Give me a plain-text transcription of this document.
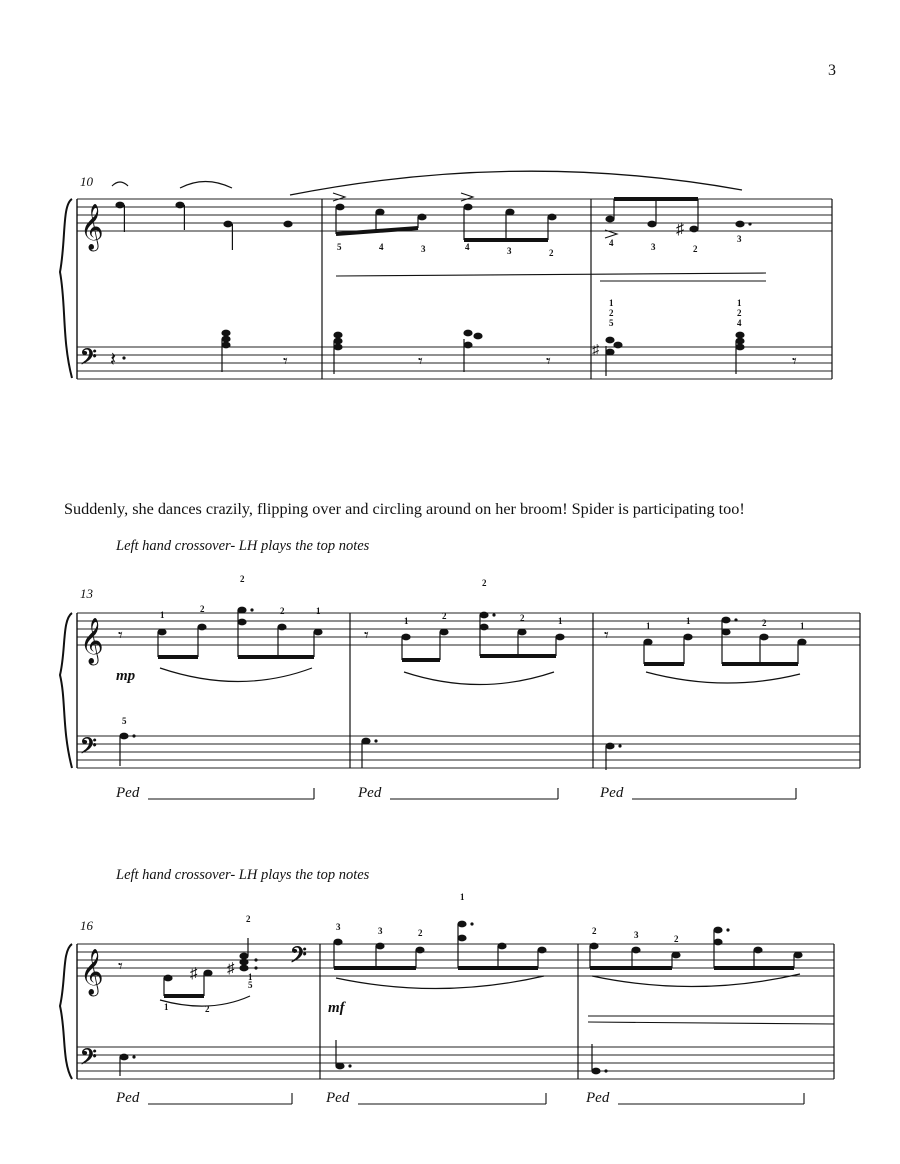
3
Suddenly, she dances crazily, flipping over and circling around on her broom! Spider is participating too!
Left hand crossover- LH plays the top notes
Left hand crossover- LH plays the top notes
10
𝄞
𝄢
♯
5	4	3	4	3	2
4	3	2
3
𝄽	𝄾	𝄾	𝄾
♯
𝄾
1
2
5
1
2
4
13
𝄞
𝄢
𝄾	𝄾	𝄾
1
2
2
2	1
1	2
2
2	1	1	1	2	1
mp
5
Ped	Ped	Ped
16
𝄞	𝄢
𝄢
𝄾	♯ ♯
2
1	2
3
5
3	2
1
2	3	2
1
mf
Ped	Ped	Ped
